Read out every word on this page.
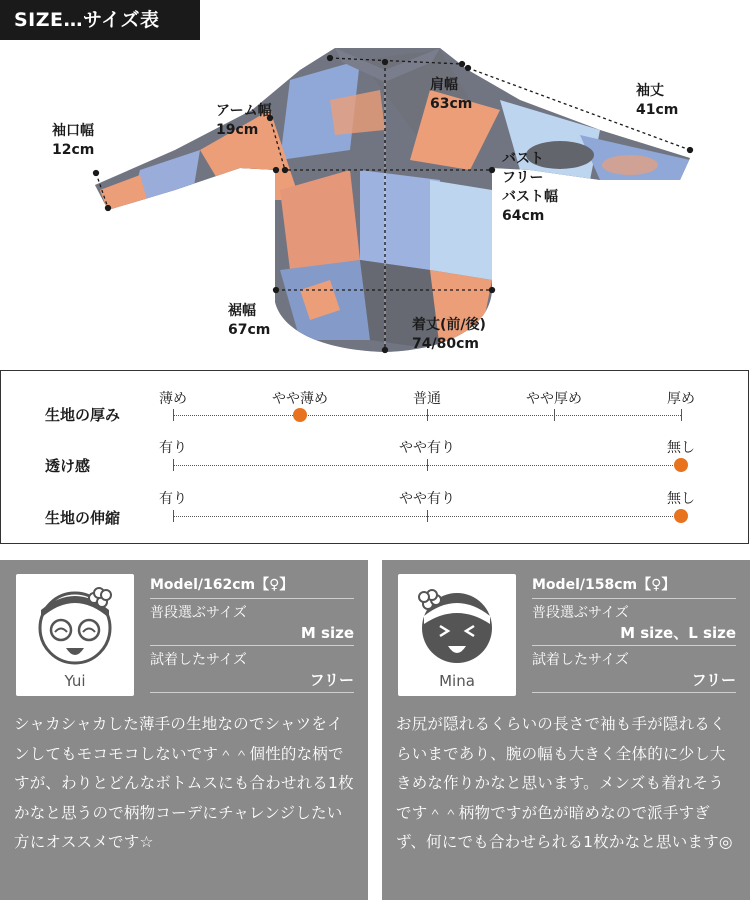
SIZE…サイズ表
袖口幅
12cm
アーム幅
19cm
肩幅
63cm
袖丈
41cm
バスト
フリー
バスト幅
64cm
裾幅
67cm	着丈(前/後)
74/80cm
生地の厚み
薄め	やや薄め	普通	やや厚め	厚め
透け感
有り	やや有り	無し
生地の伸縮
有り	やや有り	無し
Yui
Model/162cm【♀】
普段選ぶサイズ
M size
試着したサイズ
フリー
シャカシャカした薄手の生地なのでシャツをインしてもモコモコしないです＾＾個性的な柄ですが、わりとどんなボトムスにも合わせれる1枚かなと思うので柄物コーデにチャレンジしたい方にオススメです☆
Mina
Model/158cm【♀】
普段選ぶサイズ
M size、L size
試着したサイズ
フリー
お尻が隠れるくらいの長さで袖も手が隠れるくらいまであり、腕の幅も大きく全体的に少し大きめな作りかなと思います。メンズも着れそうです＾＾柄物ですが色が暗めなので派手すぎず、何にでも合わせられる1枚かなと思います◎
